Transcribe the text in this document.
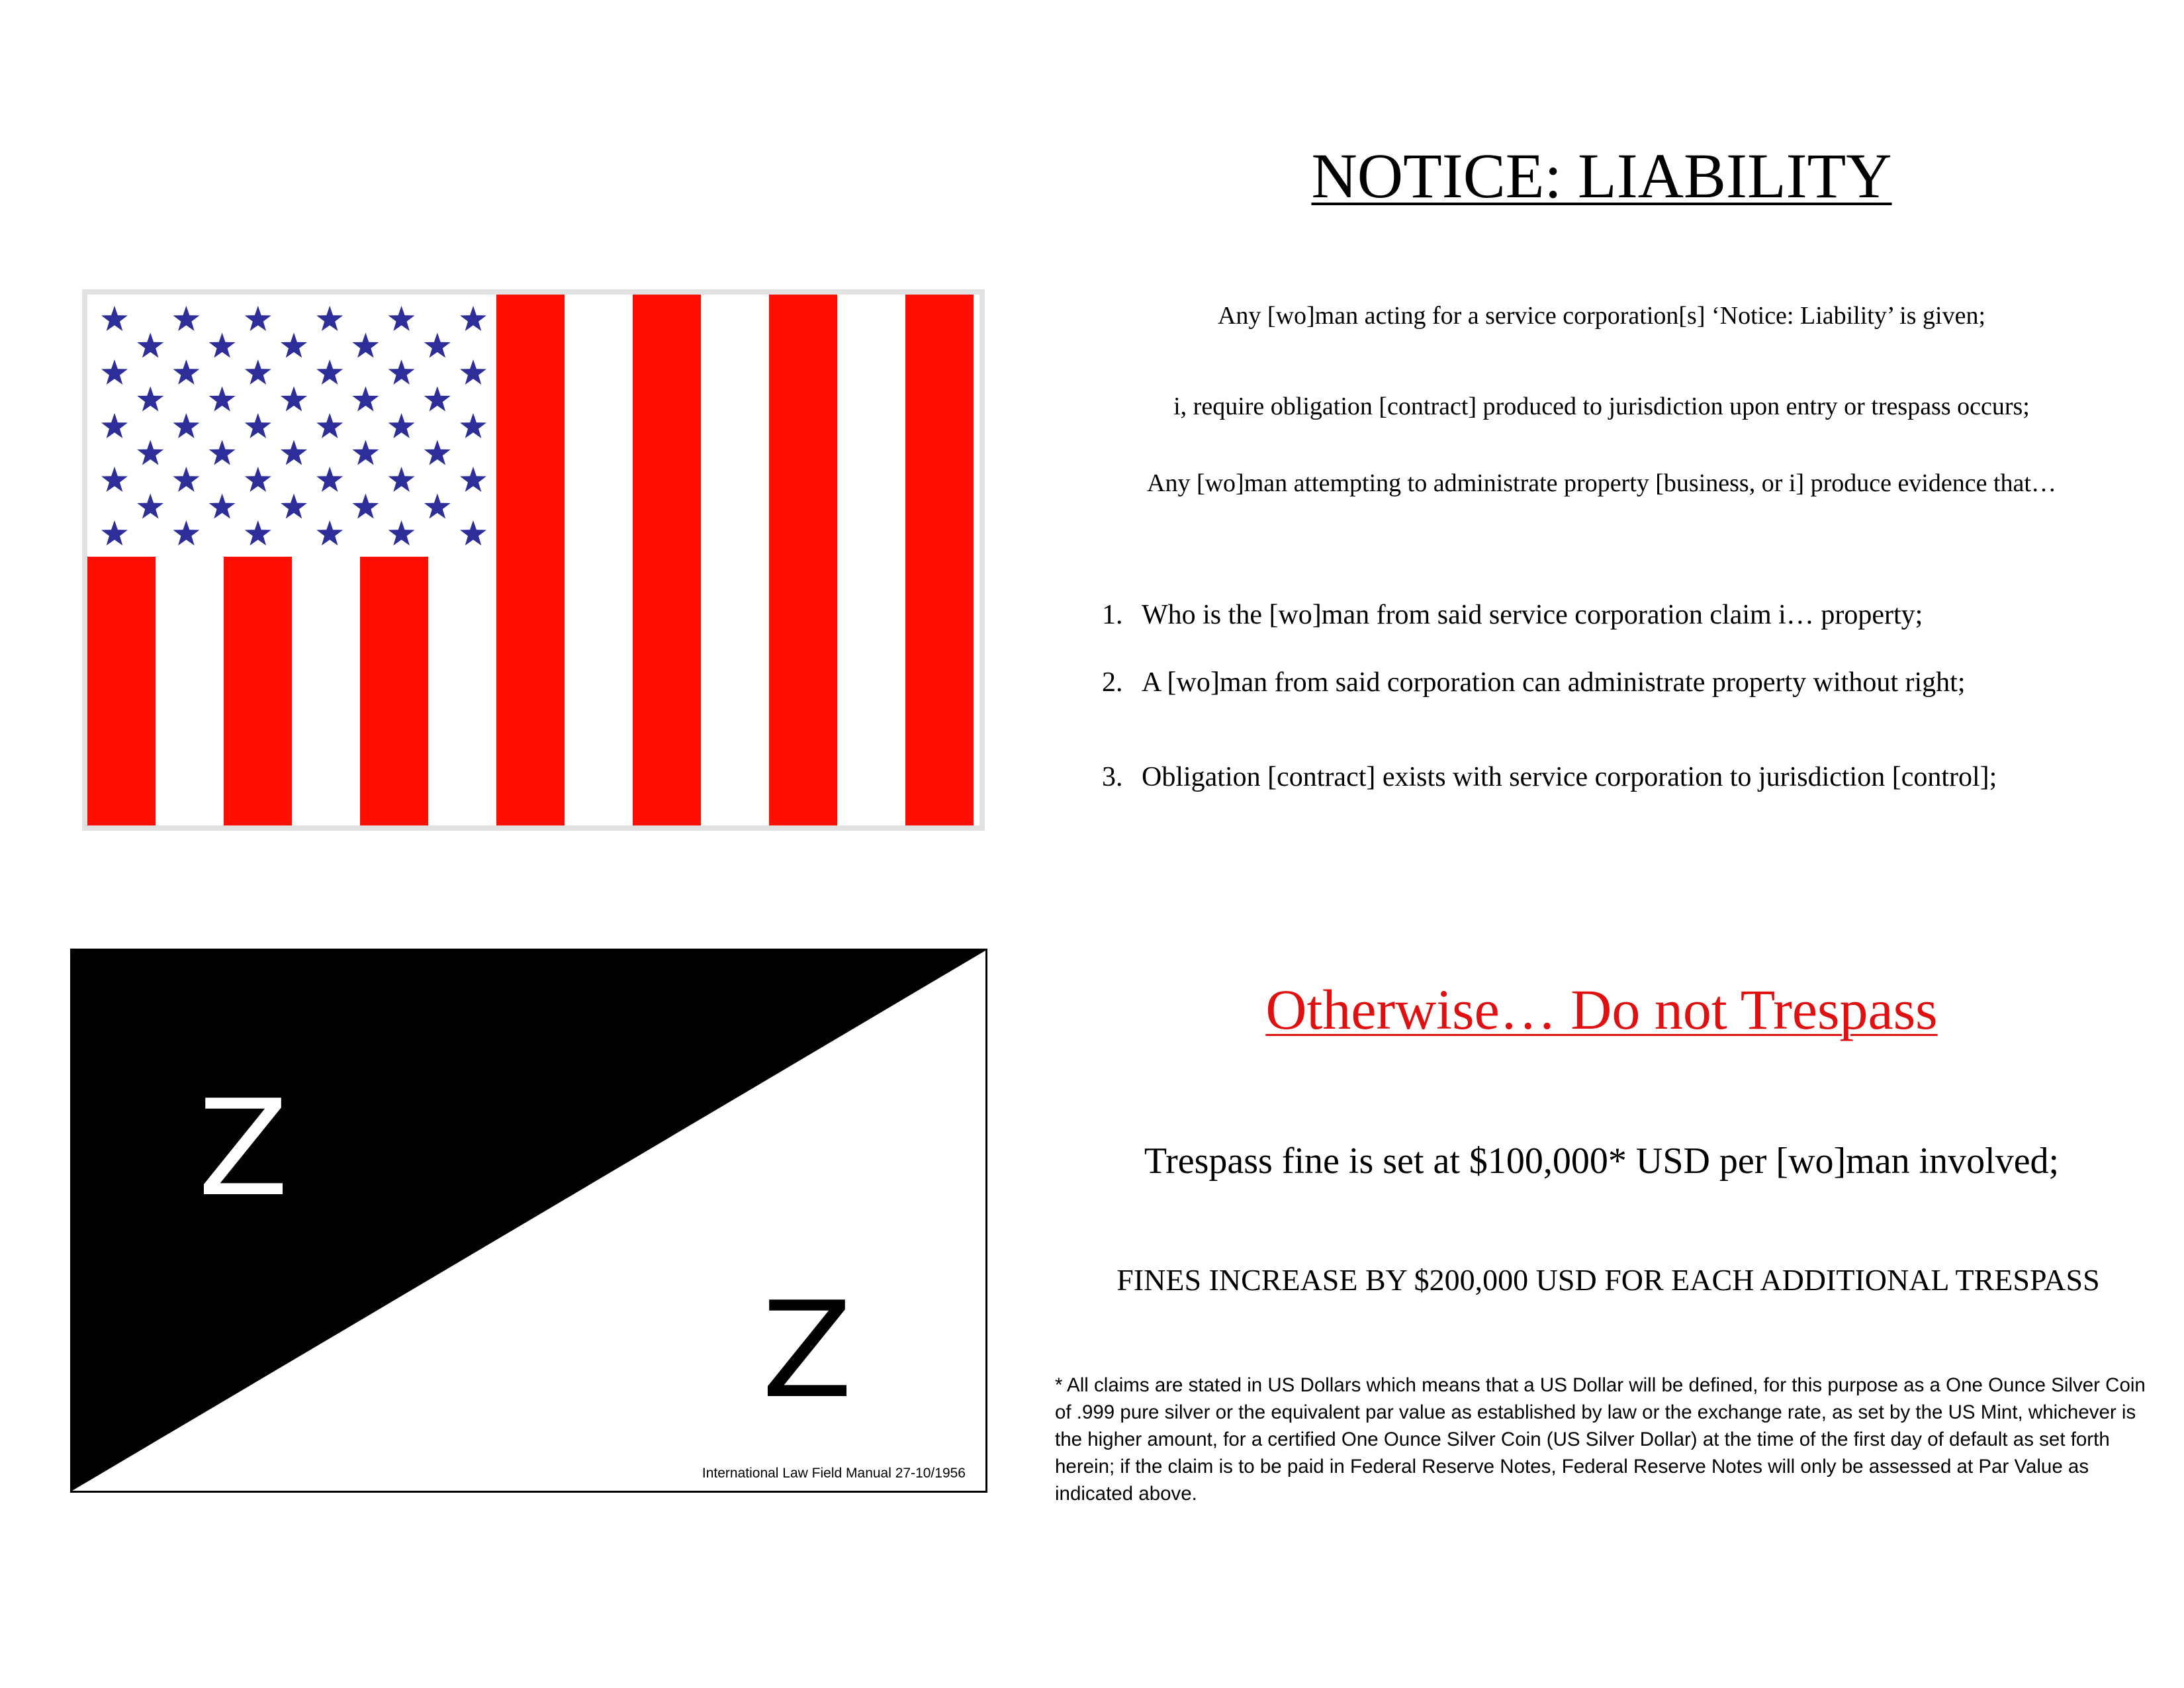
Z
Z
International Law Field Manual 27-10/1956
NOTICE: LIABILITY
Any [wo]man acting for a service corporation[s] ‘Notice: Liability’ is given;
i, require obligation [contract] produced to jurisdiction upon entry or trespass occurs;
Any [wo]man attempting to administrate property [business, or i] produce evidence that…
1. Who is the [wo]man from said service corporation claim i… property;
2. A [wo]man from said corporation can administrate property without right;
3. Obligation [contract] exists with service corporation to jurisdiction [control];
Otherwise… Do not Trespass
Trespass fine is set at $100,000* USD per [wo]man involved;
FINES INCREASE BY $200,000 USD FOR EACH ADDITIONAL TRESPASS
* All claims are stated in US Dollars which means that a US Dollar will be defined, for this purpose as a One Ounce Silver Coin of .999 pure silver or the equivalent par value as established by law or the exchange rate, as set by the US Mint, whichever is the higher amount, for a certified One Ounce Silver Coin (US Silver Dollar) at the time of the first day of default as set forth herein; if the claim is to be paid in Federal Reserve Notes, Federal Reserve Notes will only be assessed at Par Value as indicated above.
